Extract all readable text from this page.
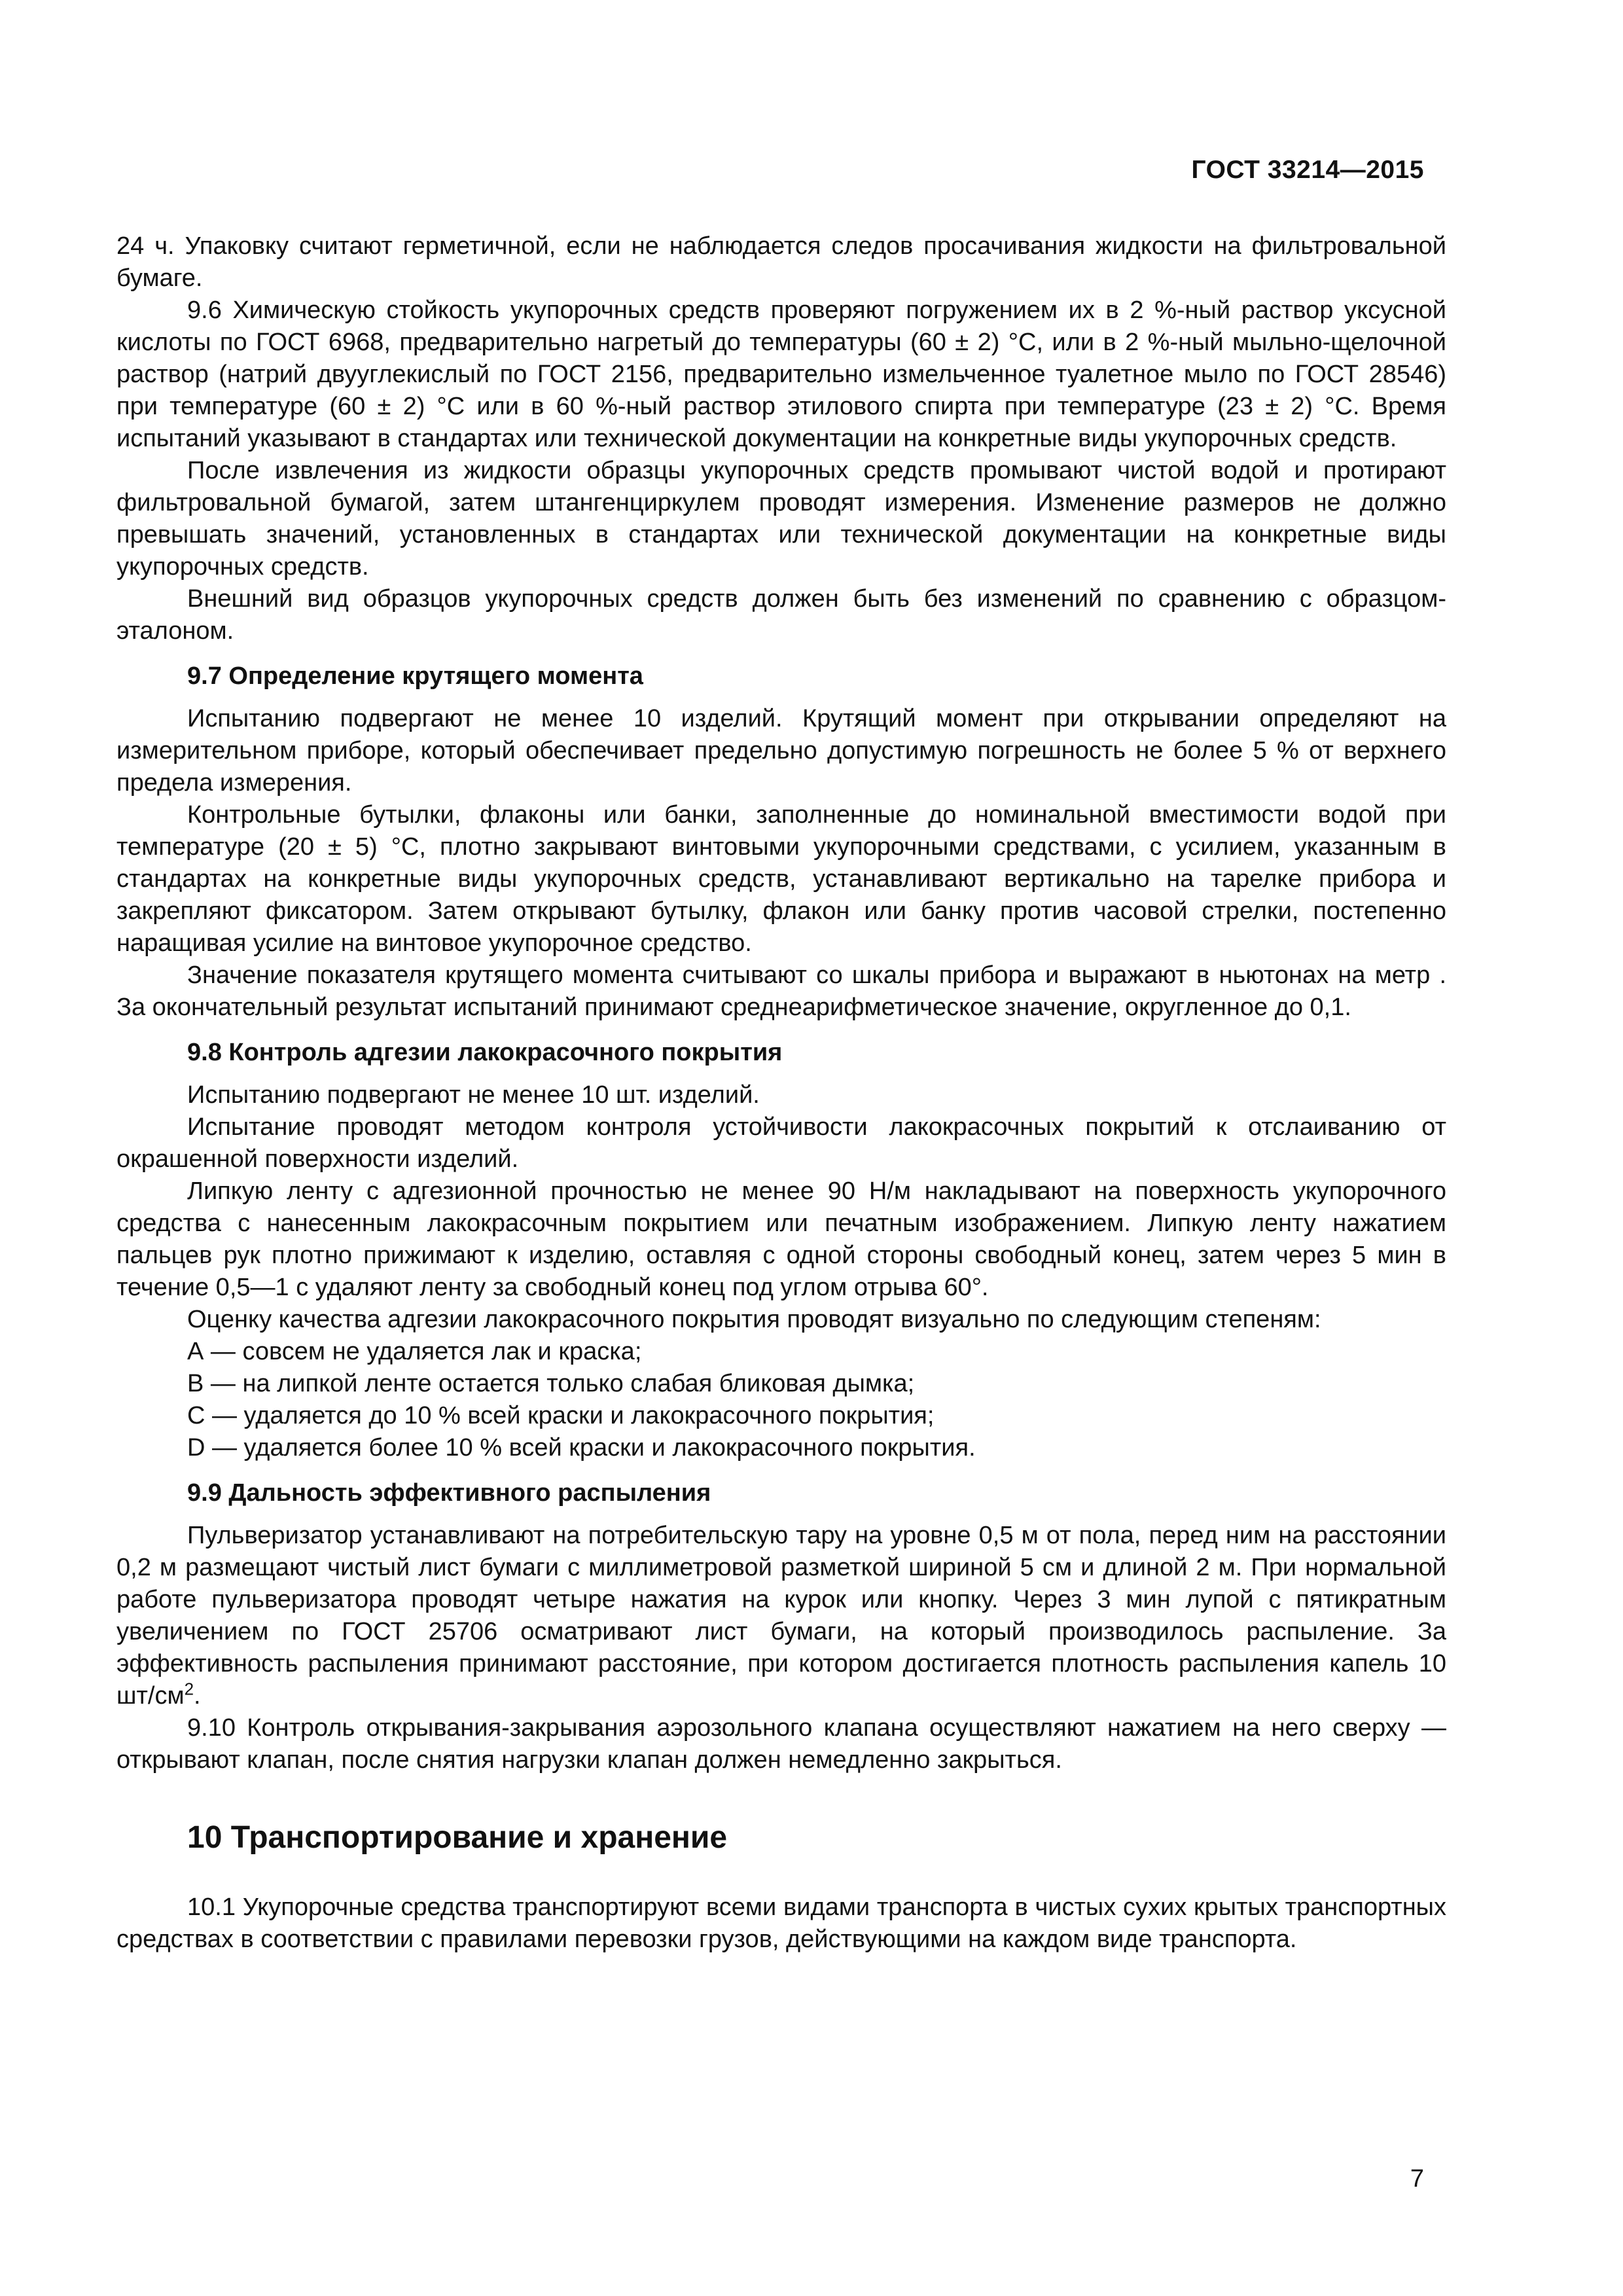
ГОСТ 33214—2015

24 ч. Упаковку считают герметичной, если не наблюдается следов просачивания жидкости на фильтровальной бумаге.

9.6 Химическую стойкость укупорочных средств проверяют погружением их в 2 %-ный раствор уксусной кислоты по ГОСТ 6968, предварительно нагретый до температуры (60 ± 2) °С, или в 2 %-ный мыльно-щелочной раствор (натрий двууглекислый по ГОСТ 2156, предварительно измельченное туалетное мыло по ГОСТ 28546) при температуре (60 ± 2) °С или в 60 %-ный раствор этилового спирта при температуре (23 ± 2) °С. Время испытаний указывают в стандартах или технической документации на конкретные виды укупорочных средств.

После извлечения из жидкости образцы укупорочных средств промывают чистой водой и протирают фильтровальной бумагой, затем штангенциркулем проводят измерения. Изменение размеров не должно превышать значений, установленных в стандартах или технической документации на конкретные виды укупорочных средств.

Внешний вид образцов укупорочных средств должен быть без изменений по сравнению с образцом-эталоном.

9.7 Определение крутящего момента

Испытанию подвергают не менее 10 изделий. Крутящий момент при открывании определяют на измерительном приборе, который обеспечивает предельно допустимую погрешность не более 5 % от верхнего предела измерения.

Контрольные бутылки, флаконы или банки, заполненные до номинальной вместимости водой при температуре (20 ± 5) °С, плотно закрывают винтовыми укупорочными средствами, с усилием, указанным в стандартах на конкретные виды укупорочных средств, устанавливают вертикально на тарелке прибора и закрепляют фиксатором. Затем открывают бутылку, флакон или банку против часовой стрелки, постепенно наращивая усилие на винтовое укупорочное средство.

Значение показателя крутящего момента считывают со шкалы прибора и выражают в ньютонах на метр . За окончательный результат испытаний принимают среднеарифметическое значение, округленное до 0,1.

9.8 Контроль адгезии лакокрасочного покрытия

Испытанию подвергают не менее 10 шт. изделий.

Испытание проводят методом контроля устойчивости лакокрасочных покрытий к отслаиванию от окрашенной поверхности изделий.

Липкую ленту с адгезионной прочностью не менее 90 Н/м накладывают на поверхность укупорочного средства с нанесенным лакокрасочным покрытием или печатным изображением. Липкую ленту нажатием пальцев рук плотно прижимают к изделию, оставляя с одной стороны свободный конец, затем через 5 мин в течение 0,5—1 с удаляют ленту за свободный конец под углом отрыва 60°.

Оценку качества адгезии лакокрасочного покрытия проводят визуально по следующим степеням:

А — совсем не удаляется лак и краска;

В — на липкой ленте остается только слабая бликовая дымка;

С — удаляется до 10 % всей краски и лакокрасочного покрытия;

D — удаляется более 10 % всей краски и лакокрасочного покрытия.

9.9 Дальность эффективного распыления

Пульверизатор устанавливают на потребительскую тару на уровне 0,5 м от пола, перед ним на расстоянии 0,2 м размещают чистый лист бумаги с миллиметровой разметкой шириной 5 см и длиной 2 м. При нормальной работе пульверизатора проводят четыре нажатия на курок или кнопку. Через 3 мин лупой с пятикратным увеличением по ГОСТ 25706 осматривают лист бумаги, на который производилось распыление. За эффективность распыления принимают расстояние, при котором достигается плотность распыления капель 10 $шт/см^2$.

9.10 Контроль открывания-закрывания аэрозольного клапана осуществляют нажатием на него сверху — открывают клапан, после снятия нагрузки клапан должен немедленно закрыться.

10 Транспортирование и хранение

10.1 Укупорочные средства транспортируют всеми видами транспорта в чистых сухих крытых транспортных средствах в соответствии с правилами перевозки грузов, действующими на каждом виде транспорта.

7
